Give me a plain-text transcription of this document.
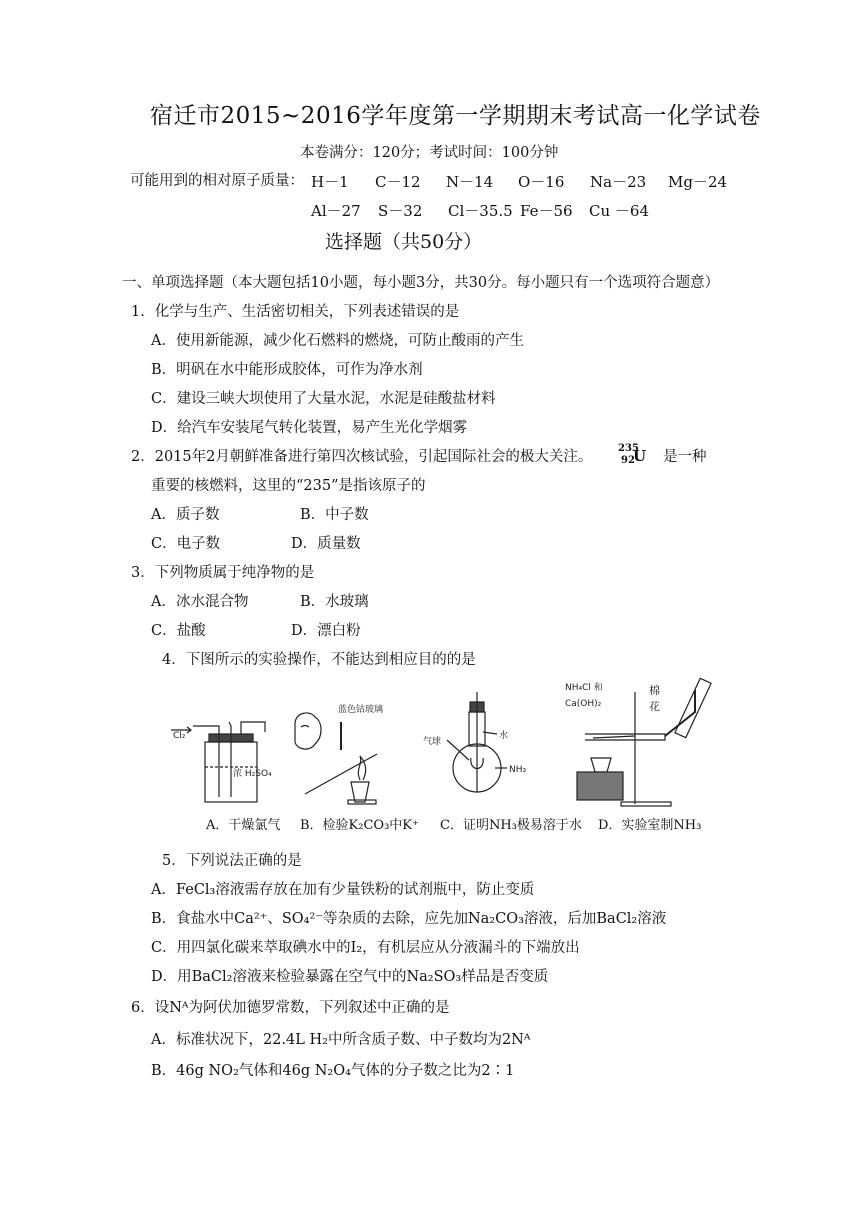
宿迁市2015~2016学年度第一学期期末考试高一化学试卷
本卷满分：120分；考试时间：100分钟
可能用到的相对原子质量： H－1 C－12 N－14 O－16 Na－23 Mg－24
Al－27 S－32 Cl－35.5 Fe－56 Cu －64
选择题（共50分）
一、单项选择题（本大题包括10小题，每小题3分，共30分。每小题只有一个选项符合题意）
1．化学与生产、生活密切相关，下列表述错误的是
A．使用新能源，减少化石燃料的燃烧，可防止酸雨的产生
B．明矾在水中能形成胶体，可作为净水剂
C．建设三峡大坝使用了大量水泥，水泥是硅酸盐材料
D．给汽车安装尾气转化装置，易产生光化学烟雾
2．2015年2月朝鲜准备进行第四次核试验，引起国际社会的极大关注。
235
92
U 是一种
重要的核燃料，这里的“235”是指该原子的
A．质子数	B．中子数
C．电子数	D．质量数
3．下列物质属于纯净物的是
A．冰水混合物	B．水玻璃
C．盐酸	D．漂白粉
4．下图所示的实验操作，不能达到相应目的的是
Cl₂
浓 H₂SO₄
蓝色钴玻璃
气球
水
NH₃
NH₄Cl 和
Ca(OH)₂
棉
花
A．干燥氯气 B．检验K₂CO₃中K⁺ C．证明NH₃极易溶于水 D．实验室制NH₃
5．下列说法正确的是
A．FeCl₃溶液需存放在加有少量铁粉的试剂瓶中，防止变质
B．食盐水中Ca²⁺、SO₄²⁻等杂质的去除，应先加Na₂CO₃溶液，后加BaCl₂溶液
C．用四氯化碳来萃取碘水中的I₂，有机层应从分液漏斗的下端放出
D．用BaCl₂溶液来检验暴露在空气中的Na₂SO₃样品是否变质
6．设Nᴬ为阿伏加德罗常数，下列叙述中正确的是
A．标准状况下，22.4L H₂中所含质子数、中子数均为2Nᴬ
B．46g NO₂气体和46g N₂O₄气体的分子数之比为2∶1
